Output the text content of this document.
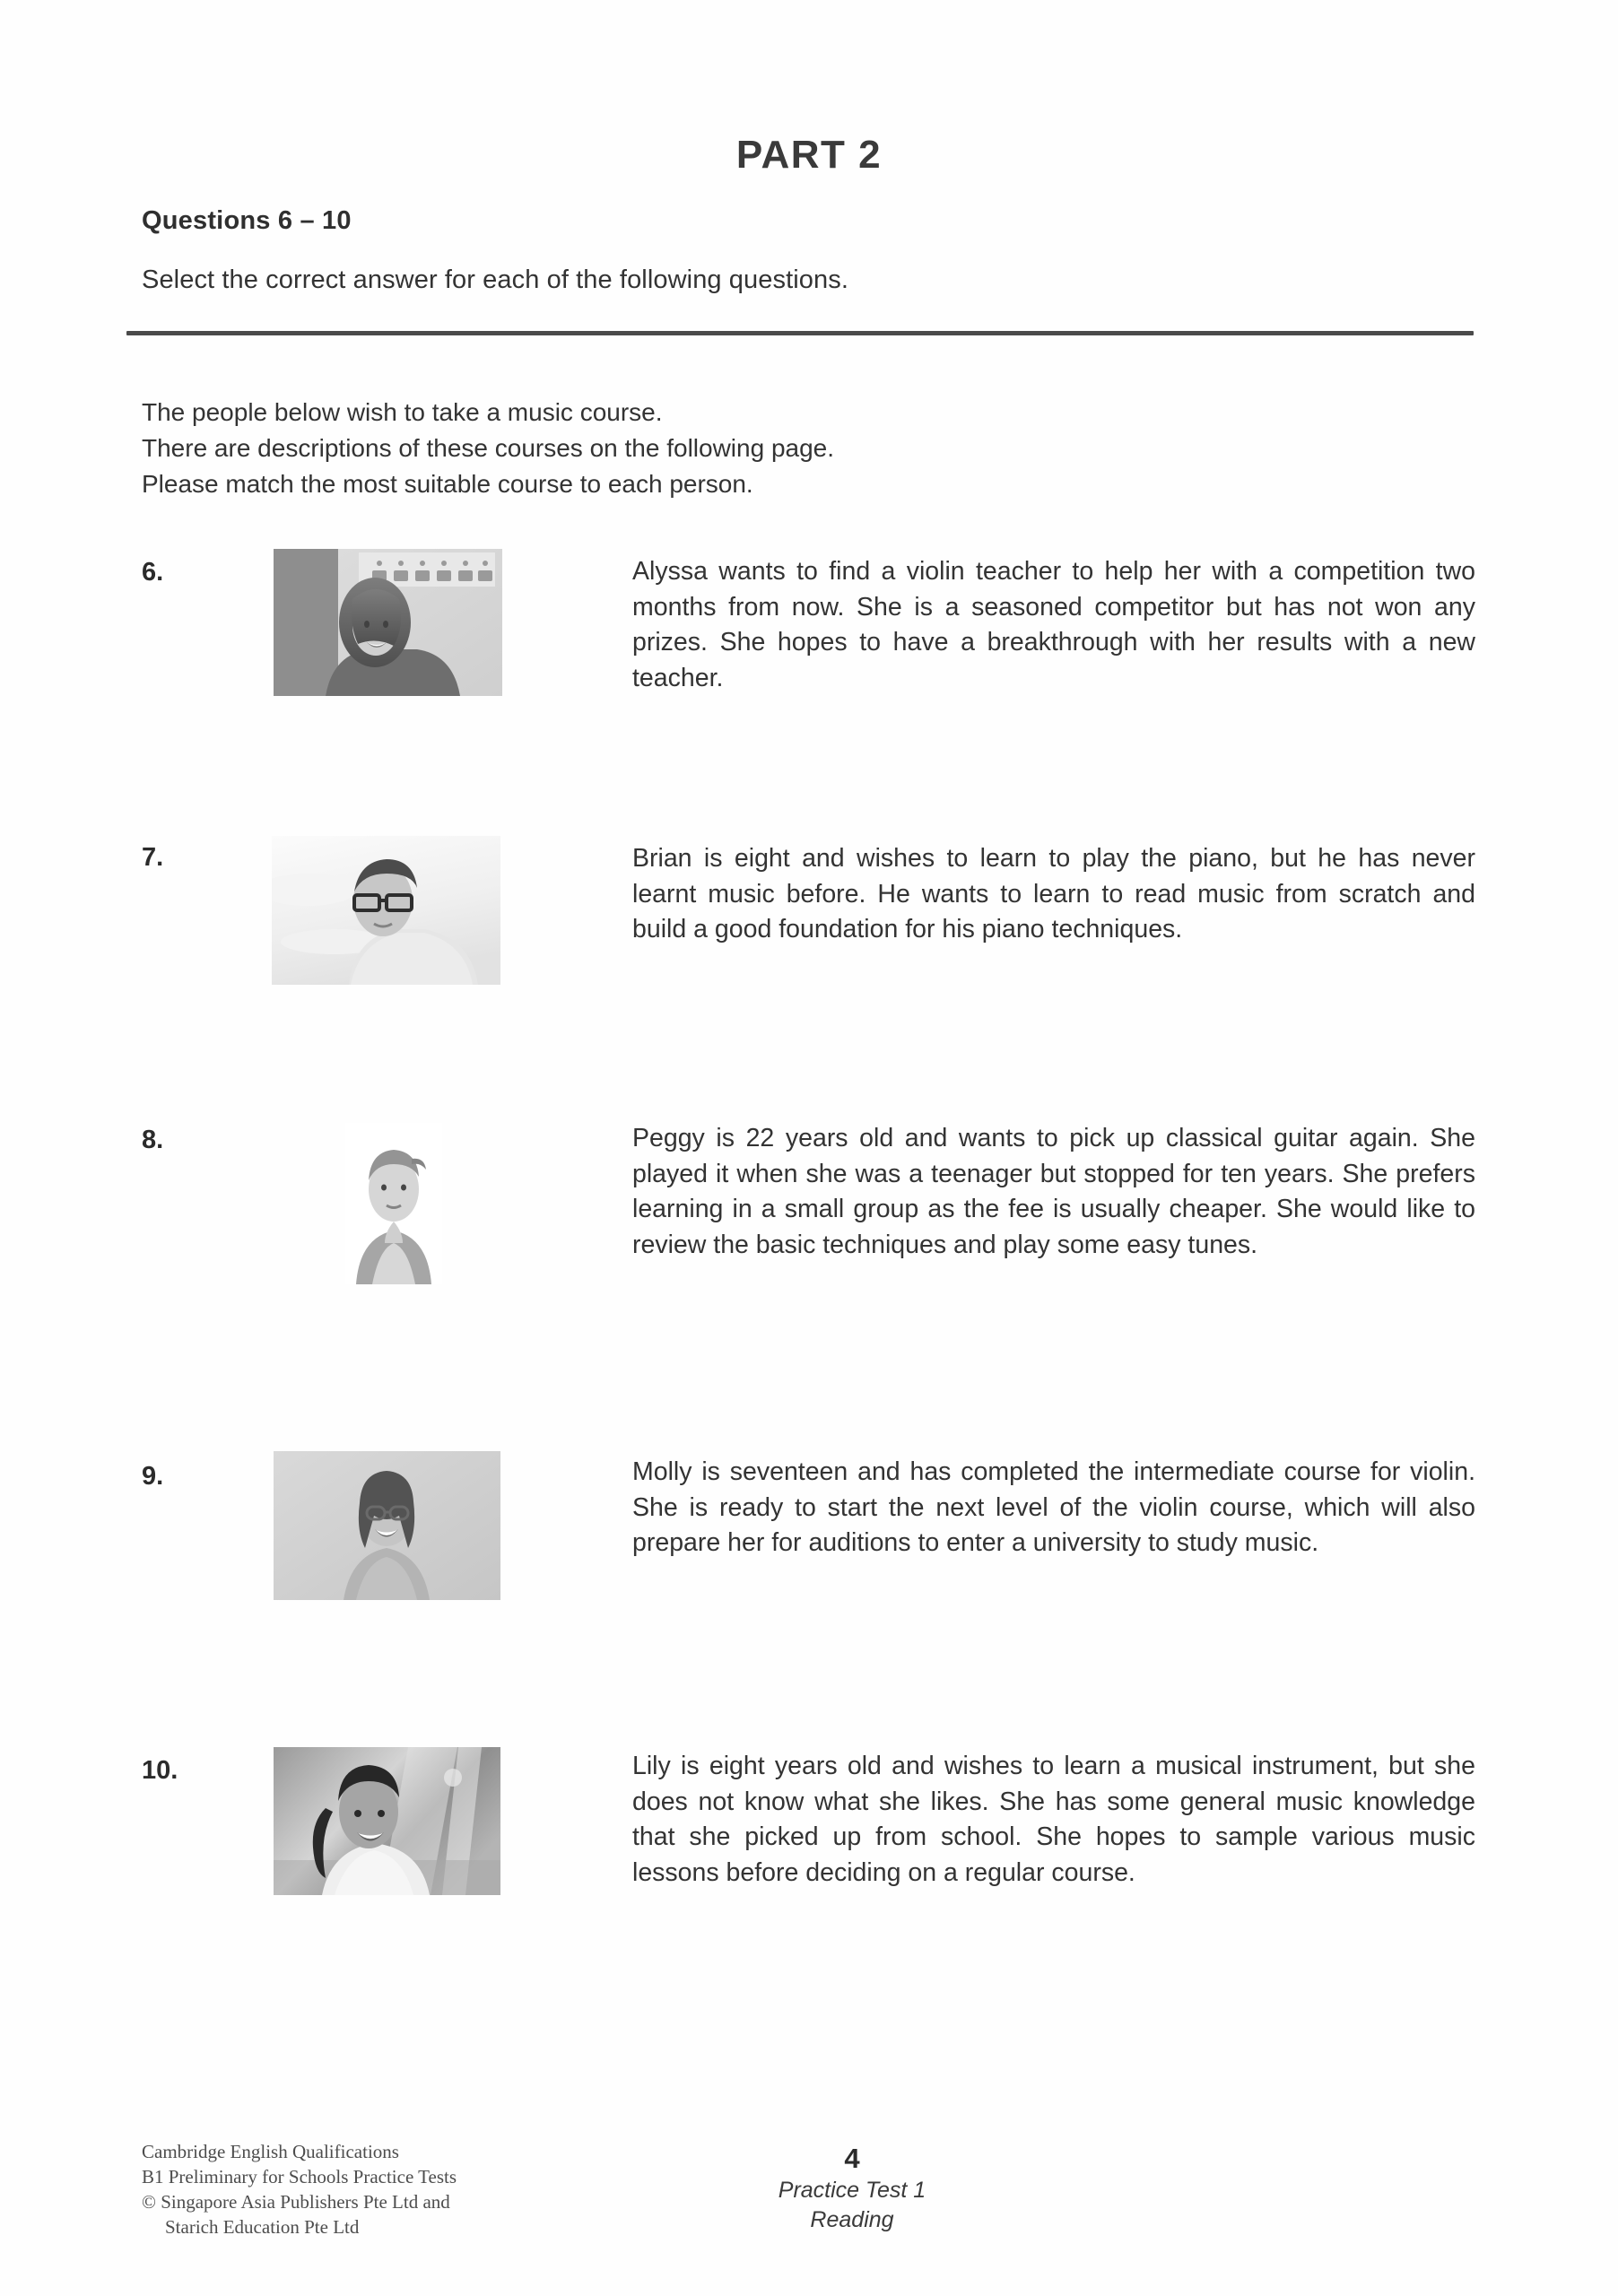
PART 2
Questions 6 – 10
Select the correct answer for each of the following questions.
The people below wish to take a music course.
There are descriptions of these courses on the following page.
Please match the most suitable course to each person.
6.	Alyssa wants to find a violin teacher to help her with a competition two months from now. She is a seasoned competitor but has not won any prizes. She hopes to have a breakthrough with her results with a new teacher.
7.	Brian is eight and wishes to learn to play the piano, but he has never learnt music before. He wants to learn to read music from scratch and build a good foundation for his piano techniques.
8.	Peggy is 22 years old and wants to pick up classical guitar again. She played it when she was a teenager but stopped for ten years. She prefers learning in a small group as the fee is usually cheaper. She would like to review the basic techniques and play some easy tunes.
9.	Molly is seventeen and has completed the intermediate course for violin. She is ready to start the next level of the violin course, which will also prepare her for auditions to enter a university to study music.
10.	Lily is eight years old and wishes to learn a musical instrument, but she does not know what she likes. She has some general music knowledge that she picked up from school. She hopes to sample various music lessons before deciding on a regular course.
Cambridge English Qualifications
B1 Preliminary for Schools Practice Tests
© Singapore Asia Publishers Pte Ltd and
Starich Education Pte Ltd
4
Practice Test 1
Reading
